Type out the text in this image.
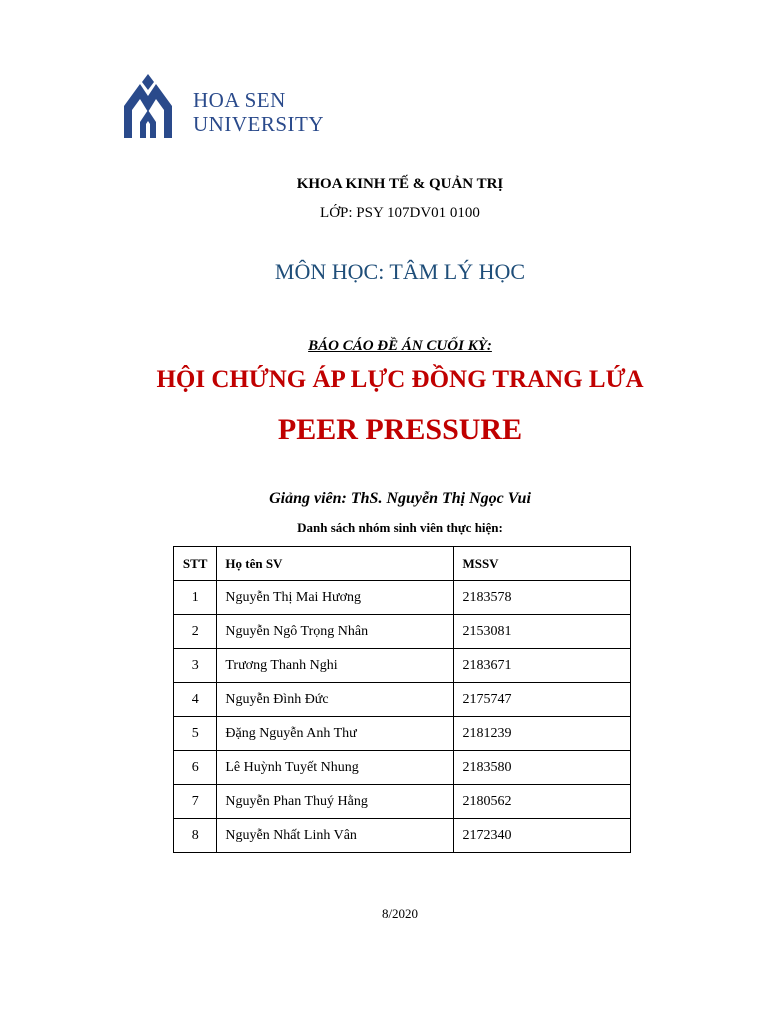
HOA SEN
UNIVERSITY
KHOA KINH TẾ & QUẢN TRỊ
LỚP: PSY 107DV01 0100
MÔN HỌC: TÂM LÝ HỌC
BÁO CÁO ĐỀ ÁN CUỐI KỲ:
HỘI CHỨNG ÁP LỰC ĐỒNG TRANG LỨA
PEER PRESSURE
Giảng viên: ThS. Nguyễn Thị Ngọc Vui
Danh sách nhóm sinh viên thực hiện:
STT	Họ tên SV	MSSV
1	Nguyễn Thị Mai Hương	2183578
2	Nguyễn Ngô Trọng Nhân	2153081
3	Trương Thanh Nghi	2183671
4	Nguyễn Đình Đức	2175747
5	Đặng Nguyễn Anh Thư	2181239
6	Lê Huỳnh Tuyết Nhung	2183580
7	Nguyễn Phan Thuý Hằng	2180562
8	Nguyễn Nhất Linh Vân	2172340
8/2020
